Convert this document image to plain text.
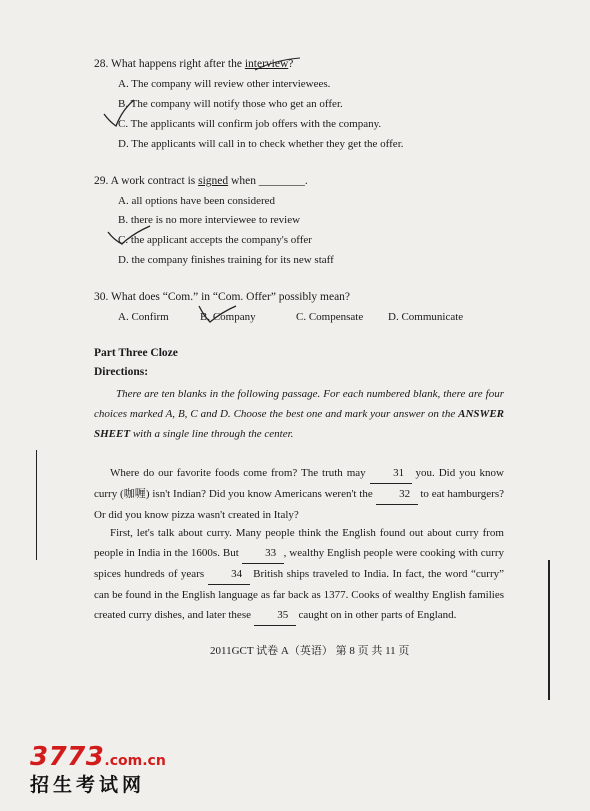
28. What happens right after the interview?
A. The company will review other interviewees.
B. The company will notify those who get an offer.
C. The applicants will confirm job offers with the company.
D. The applicants will call in to check whether they get the offer.
29. A work contract is signed when ________.
A. all options have been considered
B. there is no more interviewee to review
C. the applicant accepts the company's offer
D. the company finishes training for its new staff
30. What does “Com.” in “Com. Offer” possibly mean?
A. Confirm	B. Company	C. Compensate D. Communicate
Part Three Cloze
Directions:
There are ten blanks in the following passage. For each numbered blank, there are four choices marked A, B, C and D. Choose the best one and mark your answer on the ANSWER SHEET with a single line through the center.
Where do our favorite foods come from? The truth may 31 you. Did you know curry (咖喱) isn't Indian? Did you know Americans weren't the 32 to eat hamburgers? Or did you know pizza wasn't created in Italy?
First, let's talk about curry. Many people think the English found out about curry from people in India in the 1600s. But 33 , wealthy English people were cooking with curry spices hundreds of years 34 British ships traveled to India. In fact, the word “curry” can be found in the English language as far back as 1377. Cooks of wealthy English families created curry dishes, and later these 35 caught on in other parts of England.
2011GCT 试卷 A（英语） 第 8 页 共 11 页
3773.com.cn
招生考试网
